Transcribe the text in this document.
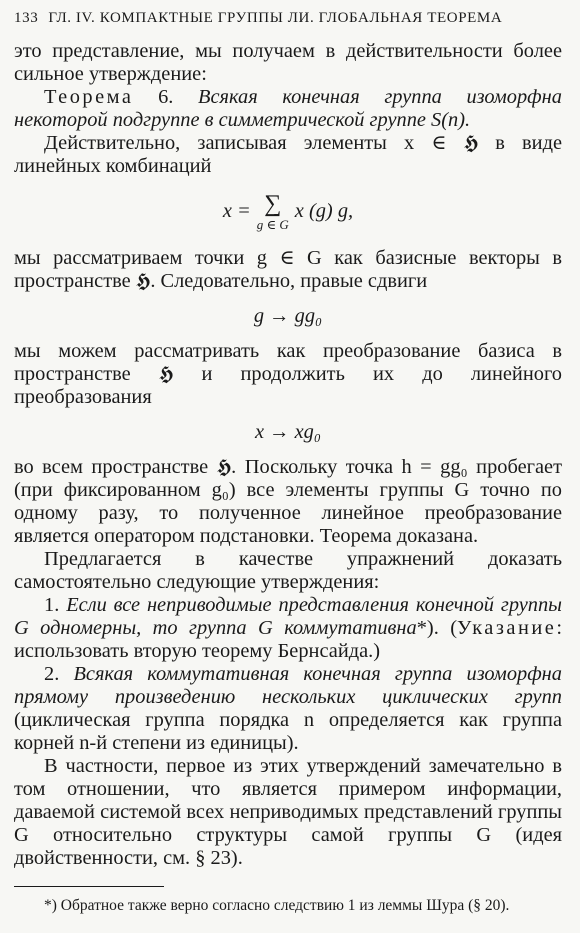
133 ГЛ. IV. КОМПАКТНЫЕ ГРУППЫ ЛИ. ГЛОБАЛЬНАЯ ТЕОРЕМА

это представление, мы получаем в действительности более сильное утверждение:

Теорема 6. Всякая конечная группа изоморфна некоторой подгруппе в симметрической группе S(n).

Действительно, записывая элементы x ∈ 𝕳 в виде линейных комбинаций

x = ∑
g ∈ G
x (g) g,

мы рассматриваем точки g ∈ G как базисные векторы в пространстве 𝕳. Следовательно, правые сдвиги

g → gg₀

мы можем рассматривать как преобразование базиса в пространстве 𝕳 и продолжить их до линейного преобразования

x → xg₀

во всем пространстве 𝕳. Поскольку точка h = gg₀ пробегает (при фиксированном g₀) все элементы группы G точно по одному разу, то полученное линейное преобразование является оператором подстановки. Теорема доказана.

Предлагается в качестве упражнений доказать самостоятельно следующие утверждения:

1. Если все неприводимые представления конечной группы G одномерны, то группа G коммутативна*). (Указание: использовать вторую теорему Бернсайда.)

2. Всякая коммутативная конечная группа изоморфна прямому произведению нескольких циклических групп (циклическая группа порядка n определяется как группа корней n-й степени из единицы).

В частности, первое из этих утверждений замечательно в том отношении, что является примером информации, даваемой системой всех неприводимых представлений группы G относительно структуры самой группы G (идея двойственности, см. § 23).

*) Обратное также верно согласно следствию 1 из леммы Шура (§ 20).
